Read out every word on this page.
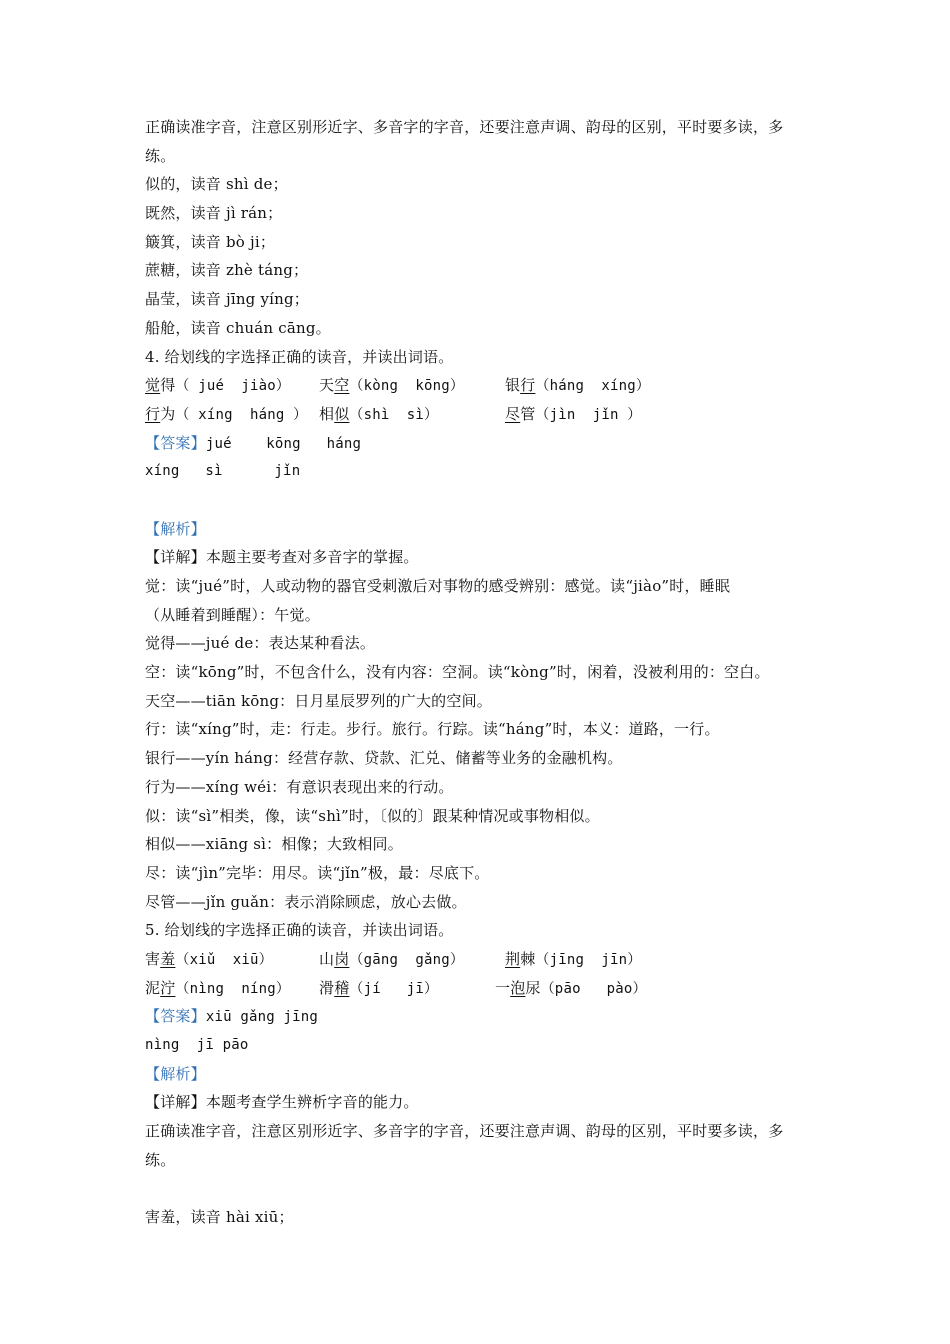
正确读准字音，注意区别形近字、多音字的字音，还要注意声调、韵母的区别，平时要多读，多
练。
似的，读音 shì de；
既然，读音 jì rán；
簸箕，读音 bò ji；
蔗糖，读音 zhè táng；
晶莹，读音 jīng yíng；
船舱，读音 chuán cāng。
4. 给划线的字选择正确的读音，并读出词语。
觉得（ jué  jiào） 天空（kòng  kōng）	银行（háng  xíng）
行为（ xíng  háng ） 相似（shì  sì）	尽管（jìn  jǐn ）
【答案】jué    kōng   háng
xíng   sì      jǐn
【解析】
【详解】本题主要考查对多音字的掌握。
觉：读“jué”时，人或动物的器官受刺激后对事物的感受辨别：感觉。读“jiào”时，睡眠
（从睡着到睡醒）：午觉。
觉得——jué de：表达某种看法。
空：读“kōng”时，不包含什么，没有内容：空洞。读“kòng”时，闲着，没被利用的：空白。
天空——tiān kōng：日月星辰罗列的广大的空间。
行：读“xíng”时，走：行走。步行。旅行。行踪。读“háng”时，本义：道路，一行。
银行——yín háng：经营存款、贷款、汇兑、储蓄等业务的金融机构。
行为——xíng wéi：有意识表现出来的行动。
似：读“sì”相类，像，读“shì”时，〔似的〕跟某种情况或事物相似。
相似——xiāng sì：相像；大致相同。
尽：读“jìn”完毕：用尽。读“jǐn”极，最：尽底下。
尽管——jǐn guǎn：表示消除顾虑，放心去做。
5. 给划线的字选择正确的读音，并读出词语。
害羞（xiǔ  xiū）	山岗（gāng  gǎng）	荆棘（jīng  jīn）
泥泞（nìng  níng） 滑稽（jí   jī）	一泡尿（pāo   pào）
【答案】xiū gǎng jīng
nìng  jī pāo
【解析】
【详解】本题考查学生辨析字音的能力。
正确读准字音，注意区别形近字、多音字的字音，还要注意声调、韵母的区别，平时要多读，多
练。
害羞，读音 hài xiū；
